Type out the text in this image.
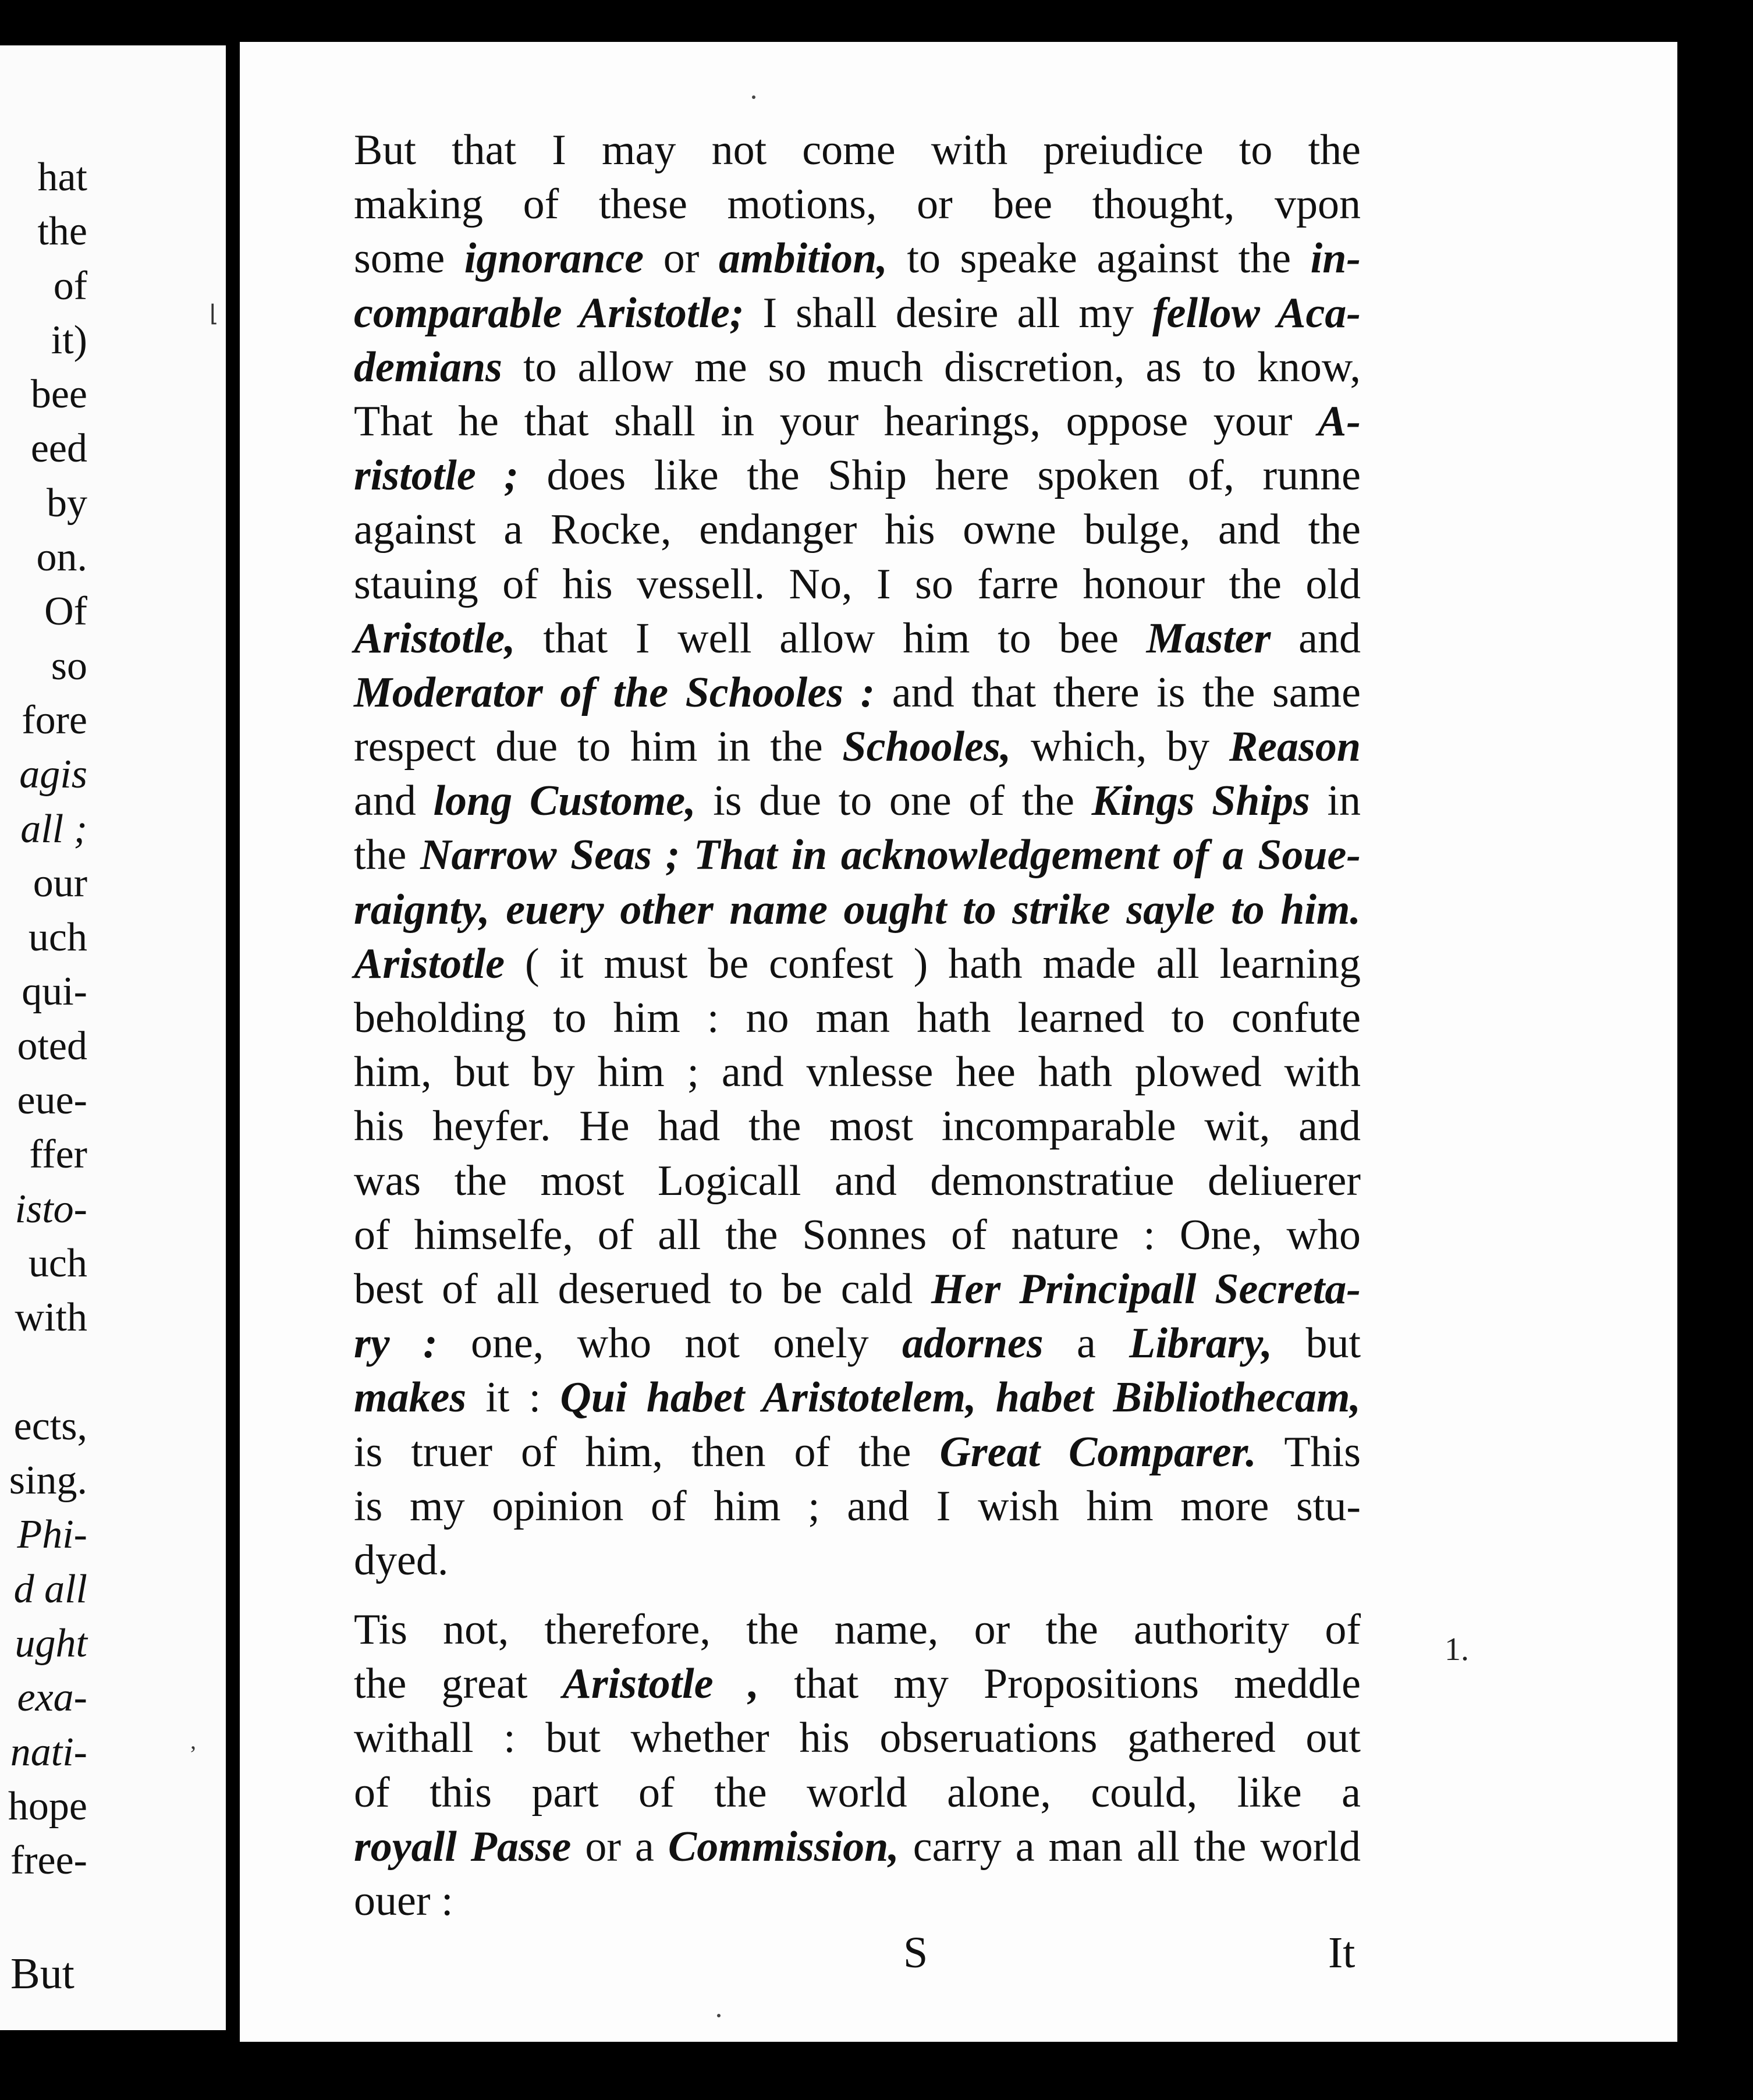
hat
the
of
it)
bee
eed
by
on.
Of
so
fore
agis
all ;
our
uch
qui-
oted
eue-
ffer
isto-
uch
with
ects,
sing.
Phi-
d all
ught
exa-
nati-
hope
free-
But
⌊
’
But that I may not come with preiudice to the
making of these motions, or bee thought, vpon
some ignorance or ambition, to speake against the in-
comparable Aristotle; I shall desire all my fellow Aca-
demians to allow me so much discretion, as to know,
That he that shall in your hearings, oppose your A-
ristotle ; does like the Ship here spoken of, runne
against a Rocke, endanger his owne bulge, and the
stauing of his vessell. No, I so farre honour the old
Aristotle, that I well allow him to bee Master and
Moderator of the Schooles : and that there is the same
respect due to him in the Schooles, which, by Reason
and long Custome, is due to one of the Kings Ships in
the Narrow Seas ; That in acknowledgement of a Soue-
raignty, euery other name ought to strike sayle to him.
Aristotle ( it must be confest ) hath made all learning
beholding to him : no man hath learned to confute
him, but by him ; and vnlesse hee hath plowed with
his heyfer. He had the most incomparable wit, and
was the most Logicall and demonstratiue deliuerer
of himselfe, of all the Sonnes of nature : One, who
best of all deserued to be cald Her Principall Secreta-
ry : one, who not onely adornes a Library, but
makes it : Qui habet Aristotelem, habet Bibliothecam,
is truer of him, then of the Great Comparer. This
is my opinion of him ; and I wish him more stu-
dyed.
Tis not, therefore, the name, or the authority of
the great Aristotle , that my Propositions meddle
withall : but whether his obseruations gathered out
of this part of the world alone, could, like a
royall Passe or a Commission, carry a man all the world
ouer :
1.
S	It
